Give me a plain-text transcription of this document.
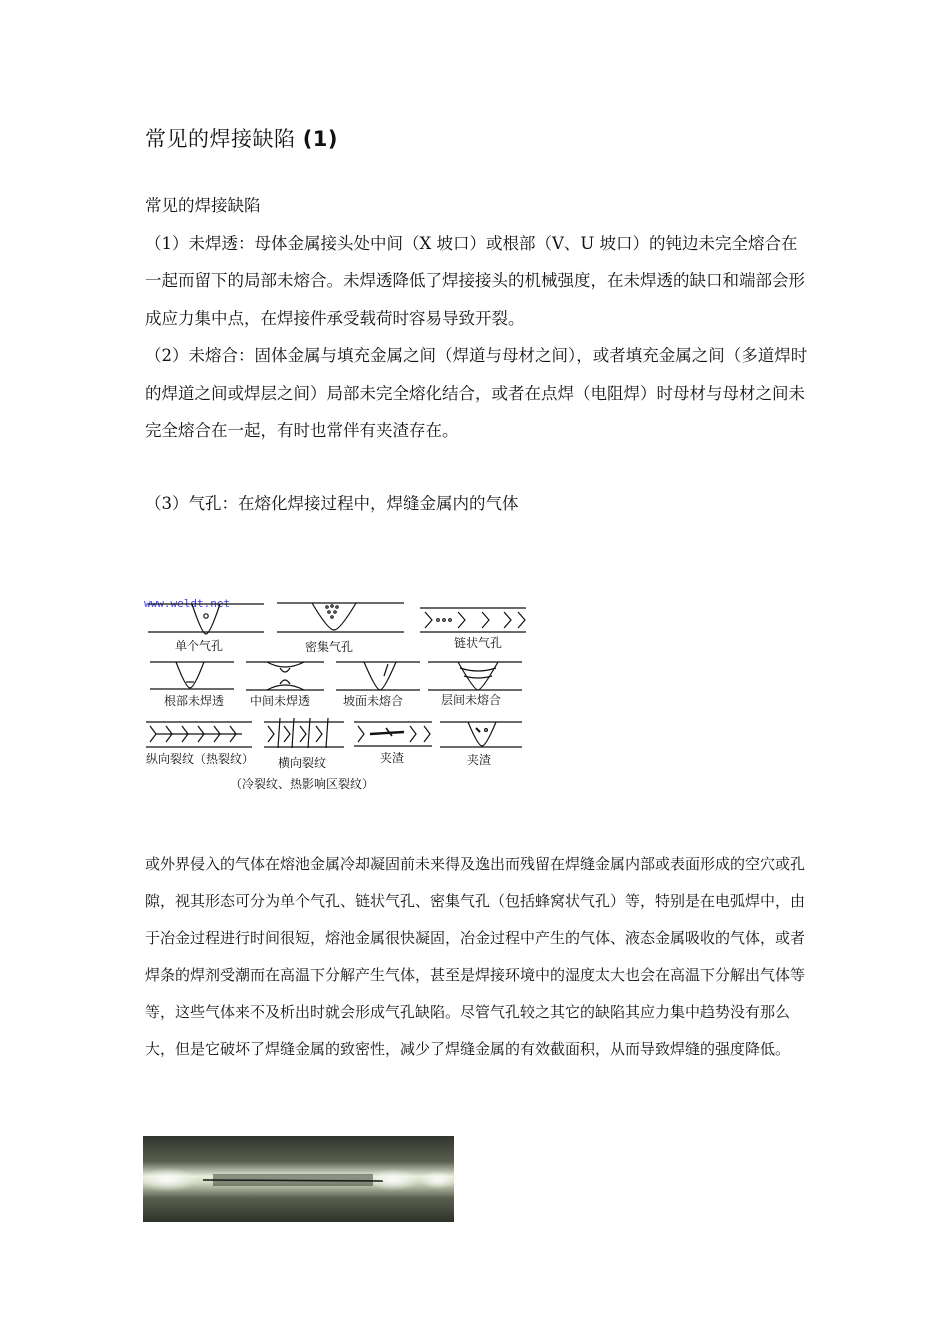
常见的焊接缺陷 (1)

常见的焊接缺陷

（1）未焊透：母体金属接头处中间（X 坡口）或根部（V、U 坡口）的钝边未完全熔合在一起而留下的局部未熔合。未焊透降低了焊接接头的机械强度，在未焊透的缺口和端部会形成应力集中点，在焊接件承受载荷时容易导致开裂。

（2）未熔合：固体金属与填充金属之间（焊道与母材之间），或者填充金属之间（多道焊时的焊道之间或焊层之间）局部未完全熔化结合，或者在点焊（电阻焊）时母材与母材之间未完全熔合在一起，有时也常伴有夹渣存在。

（3）气孔：在熔化焊接过程中，焊缝金属内的气体

www.weldt.net
单个气孔	密集气孔	链状气孔
根部未焊透 中间未焊透	坡面未熔合	层间未熔合
纵向裂纹（热裂纹） 横向裂纹
（冷裂纹、热影响区裂纹）
夹渣	夹渣

或外界侵入的气体在熔池金属冷却凝固前未来得及逸出而残留在焊缝金属内部或表面形成的空穴或孔隙，视其形态可分为单个气孔、链状气孔、密集气孔（包括蜂窝状气孔）等，特别是在电弧焊中，由于冶金过程进行时间很短，熔池金属很快凝固，冶金过程中产生的气体、液态金属吸收的气体，或者焊条的焊剂受潮而在高温下分解产生气体，甚至是焊接环境中的湿度太大也会在高温下分解出气体等等，这些气体来不及析出时就会形成气孔缺陷。尽管气孔较之其它的缺陷其应力集中趋势没有那么大，但是它破坏了焊缝金属的致密性，减少了焊缝金属的有效截面积，从而导致焊缝的强度降低。
